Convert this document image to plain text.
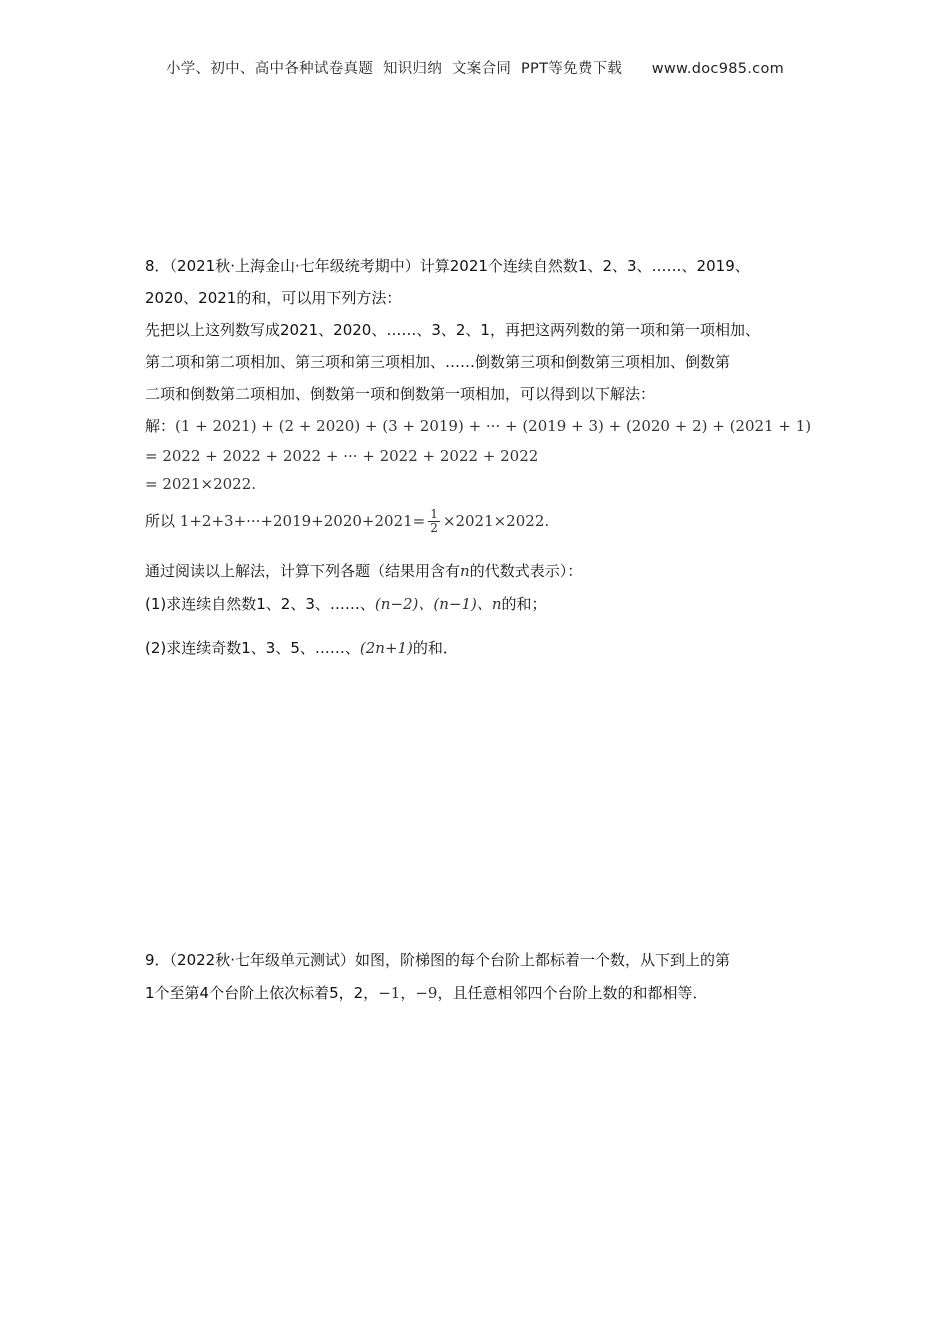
小学、初中、高中各种试卷真题  知识归纳  文案合同  PPT等免费下载      www.doc985.com
8．（2021秋·上海金山·七年级统考期中）计算2021个连续自然数1、2、3、……、2019、
2020、2021的和，可以用下列方法：
先把以上这列数写成2021、2020、……、3、2、1，再把这两列数的第一项和第一项相加、
第二项和第二项相加、第三项和第三项相加、……倒数第三项和倒数第三项相加、倒数第
二项和倒数第二项相加、倒数第一项和倒数第一项相加，可以得到以下解法：
解：(1 + 2021) + (2 + 2020) + (3 + 2019) + ··· + (2019 + 3) + (2020 + 2) + (2021 + 1)
= 2022 + 2022 + 2022 + ··· + 2022 + 2022 + 2022
= 2021×2022.
所以 $1+2+3+\cdot\cdot\cdot+2019+2020+2021= \frac{1}{2} \times 2021\times 2022$.
通过阅读以上解法，计算下列各题（结果用含有n的代数式表示）：
(1)求连续自然数1、2、3、……、(n−2)、(n−1)、n的和；
(2)求连续奇数1、3、5、……、(2n+1)的和．
9．（2022秋·七年级单元测试）如图，阶梯图的每个台阶上都标着一个数，从下到上的第
1个至第4个台阶上依次标着5，2，−1，−9，且任意相邻四个台阶上数的和都相等．
